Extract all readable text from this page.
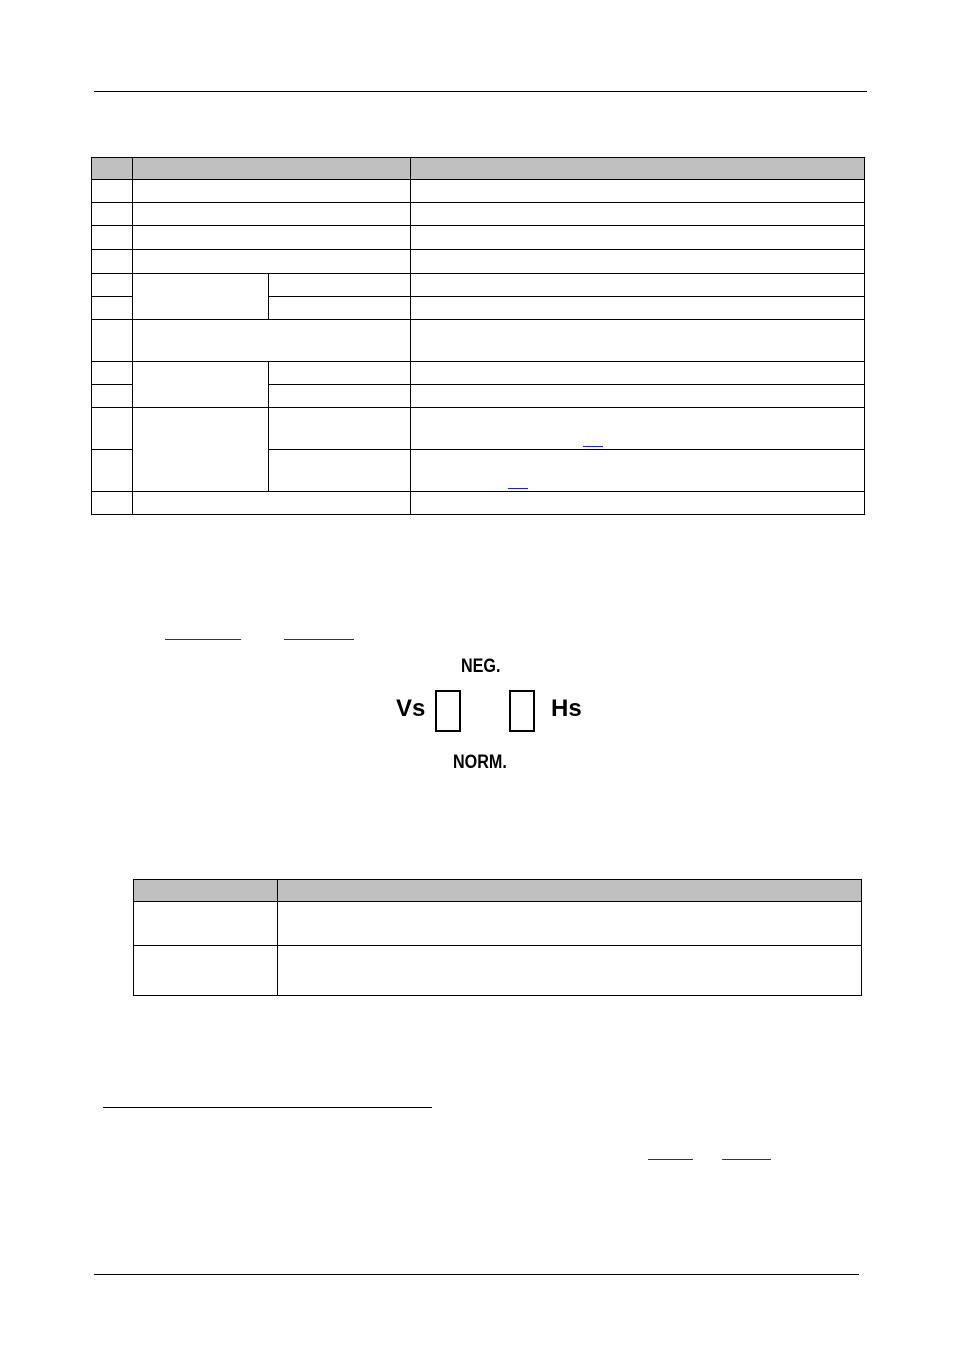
NEG.
Vs	Hs
NORM.
